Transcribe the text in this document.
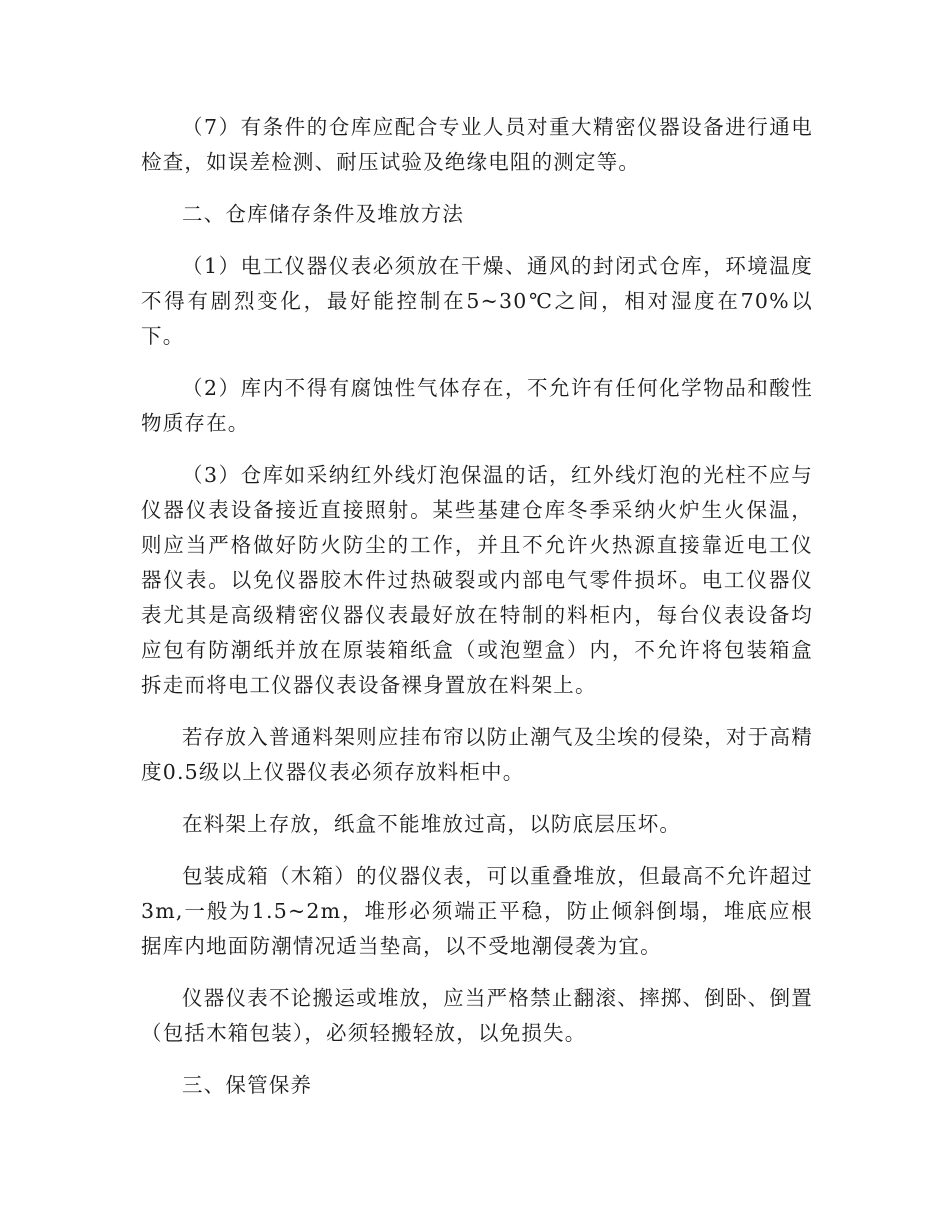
（7）有条件的仓库应配合专业人员对重大精密仪器设备进行通电检查，如误差检测、耐压试验及绝缘电阻的测定等。

二、仓库储存条件及堆放方法

（1）电工仪器仪表必须放在干燥、通风的封闭式仓库，环境温度不得有剧烈变化，最好能控制在5~30℃之间，相对湿度在70%以下。

（2）库内不得有腐蚀性气体存在，不允许有任何化学物品和酸性物质存在。

（3）仓库如采纳红外线灯泡保温的话，红外线灯泡的光柱不应与仪器仪表设备接近直接照射。某些基建仓库冬季采纳火炉生火保温，则应当严格做好防火防尘的工作，并且不允许火热源直接靠近电工仪器仪表。以免仪器胶木件过热破裂或内部电气零件损坏。电工仪器仪表尤其是高级精密仪器仪表最好放在特制的料柜内，每台仪表设备均应包有防潮纸并放在原装箱纸盒（或泡塑盒）内，不允许将包装箱盒拆走而将电工仪器仪表设备裸身置放在料架上。

若存放入普通料架则应挂布帘以防止潮气及尘埃的侵染，对于高精度0.5级以上仪器仪表必须存放料柜中。

在料架上存放，纸盒不能堆放过高，以防底层压坏。

包装成箱（木箱）的仪器仪表，可以重叠堆放，但最高不允许超过3m,一般为1.5~2m，堆形必须端正平稳，防止倾斜倒塌，堆底应根据库内地面防潮情况适当垫高，以不受地潮侵袭为宜。

仪器仪表不论搬运或堆放，应当严格禁止翻滚、摔掷、倒卧、倒置（包括木箱包装），必须轻搬轻放，以免损失。

三、保管保养
